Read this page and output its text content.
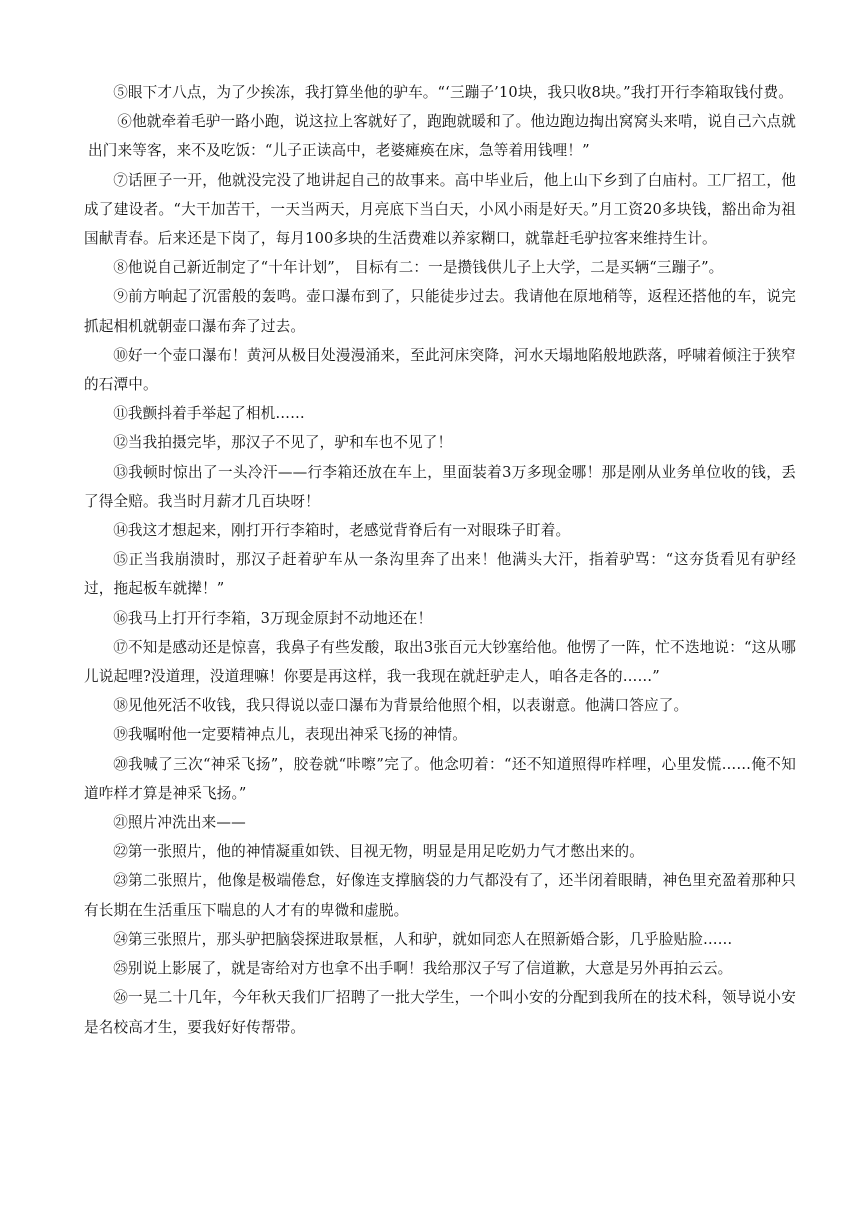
⑤眼下才八点，为了少挨冻，我打算坐他的驴车。“‘三蹦子’10块，我只收8块。”我打开行李箱取钱付费。

⑥他就牵着毛驴一路小跑，说这拉上客就好了，跑跑就暖和了。他边跑边掏出窝窝头来啃，说自己六点就出门来等客，来不及吃饭：“儿子正读高中，老婆瘫痪在床，急等着用钱哩！”

⑦话匣子一开，他就没完没了地讲起自己的故事来。高中毕业后，他上山下乡到了白庙村。工厂招工，他成了建设者。“大干加苦干，一天当两天，月亮底下当白天，小风小雨是好天。”月工资20多块钱，豁出命为祖国献青春。后来还是下岗了，每月100多块的生活费难以养家糊口，就靠赶毛驴拉客来维持生计。

⑧他说自己新近制定了“十年计划”， 目标有二：一是攒钱供儿子上大学，二是买辆“三蹦子”。

⑨前方响起了沉雷般的轰鸣。壶口瀑布到了，只能徒步过去。我请他在原地稍等，返程还搭他的车，说完抓起相机就朝壶口瀑布奔了过去。

⑩好一个壶口瀑布！黄河从极目处漫漫涌来，至此河床突降，河水天塌地陷般地跌落，呼啸着倾注于狭窄的石潭中。

⑪我颤抖着手举起了相机……

⑫当我拍摄完毕，那汉子不见了，驴和车也不见了！

⑬我顿时惊出了一头冷汗——行李箱还放在车上，里面装着3万多现金哪！那是刚从业务单位收的钱，丢了得全赔。我当时月薪才几百块呀！

⑭我这才想起来，刚打开行李箱时，老感觉背脊后有一对眼珠子盯着。

⑮正当我崩溃时，那汉子赶着驴车从一条沟里奔了出来！他满头大汗，指着驴骂：“这夯货看见有驴经过，拖起板车就撵！”

⑯我马上打开行李箱，3万现金原封不动地还在！

⑰不知是感动还是惊喜，我鼻子有些发酸，取出3张百元大钞塞给他。他愣了一阵，忙不迭地说：“这从哪儿说起哩?没道理，没道理嘛！你要是再这样，我一我现在就赶驴走人，咱各走各的……”

⑱见他死活不收钱，我只得说以壶口瀑布为背景给他照个相，以表谢意。他满口答应了。

⑲我嘱咐他一定要精神点儿，表现出神采飞扬的神情。

⑳我喊了三次“神采飞扬”，胶卷就“咔嚓”完了。他念叨着：“还不知道照得咋样哩，心里发慌……俺不知道咋样才算是神采飞扬。”

㉑照片冲洗出来——

㉒第一张照片，他的神情凝重如铁、目视无物，明显是用足吃奶力气才憋出来的。

㉓第二张照片，他像是极端倦怠，好像连支撑脑袋的力气都没有了，还半闭着眼睛，神色里充盈着那种只有长期在生活重压下喘息的人才有的卑微和虚脱。

㉔第三张照片，那头驴把脑袋探进取景框，人和驴，就如同恋人在照新婚合影，几乎脸贴脸……

㉕别说上影展了，就是寄给对方也拿不出手啊！我给那汉子写了信道歉，大意是另外再拍云云。

㉖一晃二十几年，今年秋天我们厂招聘了一批大学生，一个叫小安的分配到我所在的技术科，领导说小安是名校高才生，要我好好传帮带。
